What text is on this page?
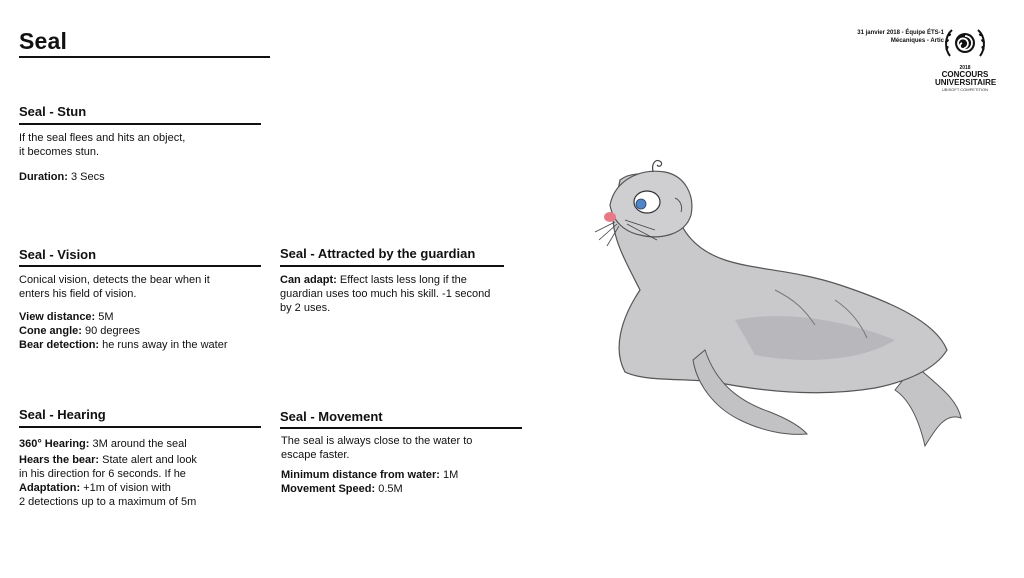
Seal	31 janvier 2018 - Équipe ÉTS-1
Mécaniques - Artic
2018
CONCOURS
UNIVERSITAIRE
UBISOFT COMPETITION
Seal - Stun
If the seal flees and hits an object,
it becomes stun.
Duration: 3 Secs
Seal - Vision
Conical vision, detects the bear when it
enters his field of vision.
View distance: 5M
Cone angle: 90 degrees
Bear detection: he runs away in the water
Seal - Attracted by the guardian
Can adapt: Effect lasts less long if the
guardian uses too much his skill. -1 second
by 2 uses.
Seal - Hearing
360° Hearing: 3M around the seal
Hears the bear: State alert and look
in his direction for 6 seconds. If he
Adaptation: +1m of vision with
2 detections up to a maximum of 5m
Seal - Movement
The seal is always close to the water to
escape faster.
Minimum distance from water: 1M
Movement Speed: 0.5M
